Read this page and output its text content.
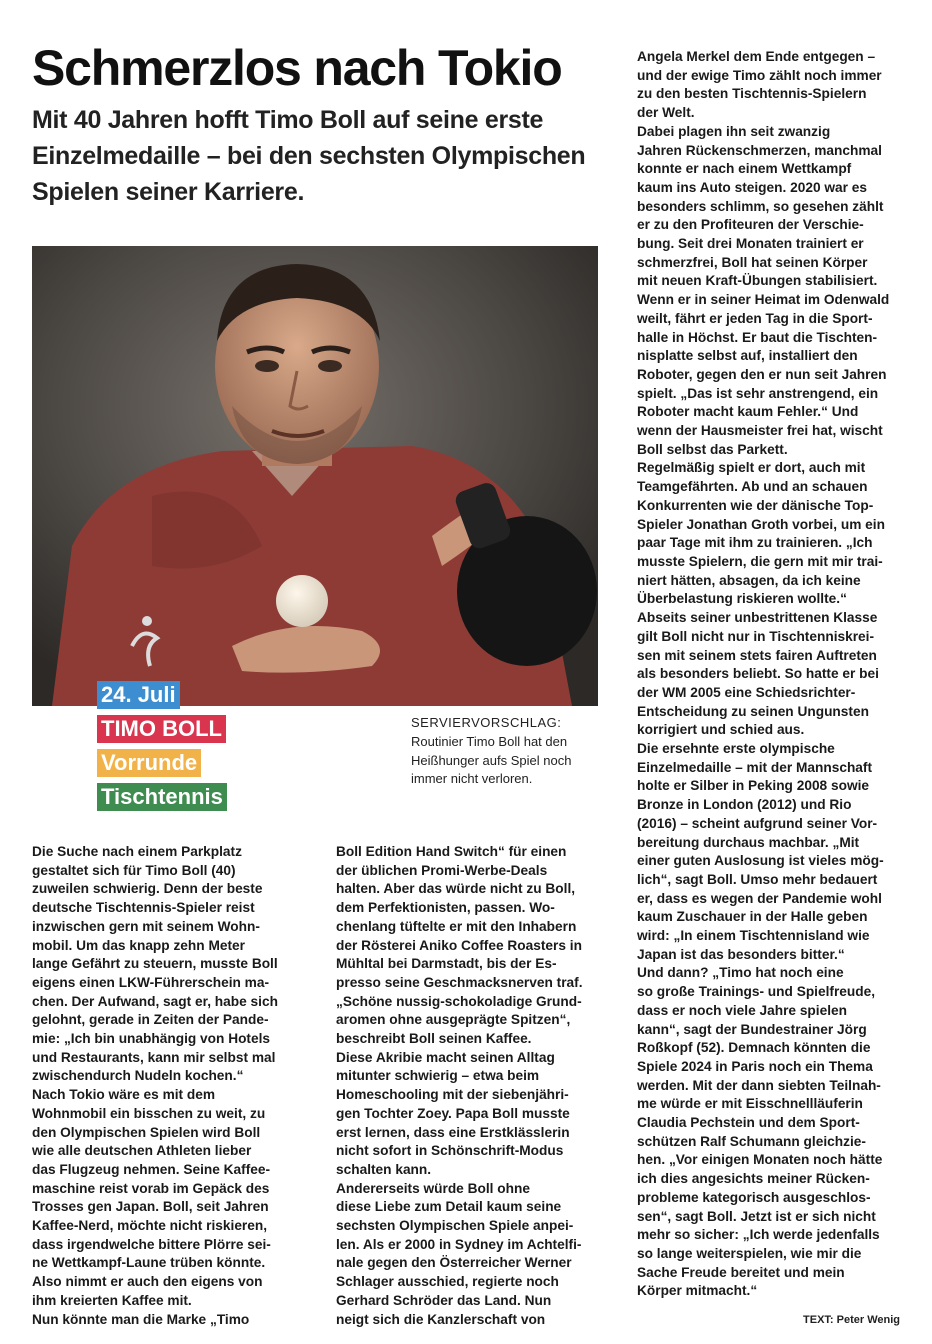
Schmerzlos nach Tokio
Mit 40 Jahren hofft Timo Boll auf seine erste Einzelmedaille – bei den sechsten Olympischen Spielen seiner Karriere.
24. Juli
TIMO BOLL
Vorrunde
Tischtennis
SERVIERVORSCHLAG:
Routinier Timo Boll hat den Heißhunger aufs Spiel noch immer nicht verloren.

Die Suche nach einem Parkplatz
gestaltet sich für Timo Boll (40)
zuweilen schwierig. Denn der beste
deutsche Tischtennis-Spieler reist
inzwischen gern mit seinem Wohn-
mobil. Um das knapp zehn Meter
lange Gefährt zu steuern, musste Boll
eigens einen LKW-Führerschein ma-
chen. Der Aufwand, sagt er, habe sich
gelohnt, gerade in Zeiten der Pande-
mie: „Ich bin unabhängig von Hotels
und Restaurants, kann mir selbst mal
zwischendurch Nudeln kochen.“
Nach Tokio wäre es mit dem
Wohnmobil ein bisschen zu weit, zu
den Olympischen Spielen wird Boll
wie alle deutschen Athleten lieber
das Flugzeug nehmen. Seine Kaffee-
maschine reist vorab im Gepäck des
Trosses gen Japan. Boll, seit Jahren
Kaffee-Nerd, möchte nicht riskieren,
dass irgendwelche bittere Plörre sei-
ne Wettkampf-Laune trüben könnte.
Also nimmt er auch den eigens von
ihm kreierten Kaffee mit.
Nun könnte man die Marke „Timo

Boll Edition Hand Switch“ für einen
der üblichen Promi-Werbe-Deals
halten. Aber das würde nicht zu Boll,
dem Perfektionisten, passen. Wo-
chenlang tüftelte er mit den Inhabern
der Rösterei Aniko Coffee Roasters in
Mühltal bei Darmstadt, bis der Es-
presso seine Geschmacksnerven traf.
„Schöne nussig-schokoladige Grund-
aromen ohne ausgeprägte Spitzen“,
beschreibt Boll seinen Kaffee.
Diese Akribie macht seinen Alltag
mitunter schwierig – etwa beim
Homeschooling mit der siebenjähri-
gen Tochter Zoey. Papa Boll musste
erst lernen, dass eine Erstklässlerin
nicht sofort in Schönschrift-Modus
schalten kann.
Andererseits würde Boll ohne
diese Liebe zum Detail kaum seine
sechsten Olympischen Spiele anpei-
len. Als er 2000 in Sydney im Achtelfi-
nale gegen den Österreicher Werner
Schlager ausschied, regierte noch
Gerhard Schröder das Land. Nun
neigt sich die Kanzlerschaft von

Angela Merkel dem Ende entgegen –
und der ewige Timo zählt noch immer
zu den besten Tischtennis-Spielern
der Welt.
Dabei plagen ihn seit zwanzig
Jahren Rückenschmerzen, manchmal
konnte er nach einem Wettkampf
kaum ins Auto steigen. 2020 war es
besonders schlimm, so gesehen zählt
er zu den Profiteuren der Verschie-
bung. Seit drei Monaten trainiert er
schmerzfrei, Boll hat seinen Körper
mit neuen Kraft-Übungen stabilisiert.
Wenn er in seiner Heimat im Odenwald
weilt, fährt er jeden Tag in die Sport-
halle in Höchst. Er baut die Tischten-
nisplatte selbst auf, installiert den
Roboter, gegen den er nun seit Jahren
spielt. „Das ist sehr anstrengend, ein
Roboter macht kaum Fehler.“ Und
wenn der Hausmeister frei hat, wischt
Boll selbst das Parkett.
Regelmäßig spielt er dort, auch mit
Teamgefährten. Ab und an schauen
Konkurrenten wie der dänische Top-
Spieler Jonathan Groth vorbei, um ein
paar Tage mit ihm zu trainieren. „Ich
musste Spielern, die gern mit mir trai-
niert hätten, absagen, da ich keine
Überbelastung riskieren wollte.“
Abseits seiner unbestrittenen Klasse
gilt Boll nicht nur in Tischtenniskrei-
sen mit seinem stets fairen Auftreten
als besonders beliebt. So hatte er bei
der WM 2005 eine Schiedsrichter-
Entscheidung zu seinen Ungunsten
korrigiert und schied aus.
Die ersehnte erste olympische
Einzelmedaille – mit der Mannschaft
holte er Silber in Peking 2008 sowie
Bronze in London (2012) und Rio
(2016) – scheint aufgrund seiner Vor-
bereitung durchaus machbar. „Mit
einer guten Auslosung ist vieles mög-
lich“, sagt Boll. Umso mehr bedauert
er, dass es wegen der Pandemie wohl
kaum Zuschauer in der Halle geben
wird: „In einem Tischtennisland wie
Japan ist das besonders bitter.“
Und dann? „Timo hat noch eine
so große Trainings- und Spielfreude,
dass er noch viele Jahre spielen
kann“, sagt der Bundestrainer Jörg
Roßkopf (52). Demnach könnten die
Spiele 2024 in Paris noch ein Thema
werden. Mit der dann siebten Teilnah-
me würde er mit Eisschnellläuferin
Claudia Pechstein und dem Sport-
schützen Ralf Schumann gleichzie-
hen. „Vor einigen Monaten noch hätte
ich dies angesichts meiner Rücken-
probleme kategorisch ausgeschlos-
sen“, sagt Boll. Jetzt ist er sich nicht
mehr so sicher: „Ich werde jedenfalls
so lange weiterspielen, wie mir die
Sache Freude bereitet und mein
Körper mitmacht.“

TEXT: Peter Wenig
